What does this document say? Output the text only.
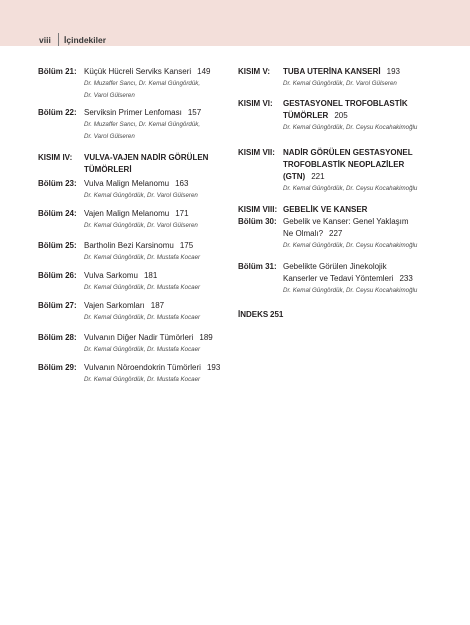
viii İçindekiler
Bölüm 21: Küçük Hücreli Serviks Kanseri 149
Dr. Muzaffer Sancı, Dr. Kemal Güngördük,
Dr. Varol Gülseren
Bölüm 22: Serviksin Primer Lenfoması 157
Dr. Muzaffer Sancı, Dr. Kemal Güngördük,
Dr. Varol Gülseren
KISIM IV: VULVA-VAJEN NADİR GÖRÜLEN
TÜMÖRLERİ
Bölüm 23: Vulva Malign Melanomu 163
Dr. Kemal Güngördük, Dr. Varol Gülseren
Bölüm 24: Vajen Malign Melanomu 171
Dr. Kemal Güngördük, Dr. Varol Gülseren
Bölüm 25: Bartholin Bezi Karsinomu 175
Dr. Kemal Güngördük, Dr. Mustafa Kocaer
Bölüm 26: Vulva Sarkomu 181
Dr. Kemal Güngördük, Dr. Mustafa Kocaer
Bölüm 27: Vajen Sarkomları 187
Dr. Kemal Güngördük, Dr. Mustafa Kocaer
Bölüm 28: Vulvanın Diğer Nadir Tümörleri 189
Dr. Kemal Güngördük, Dr. Mustafa Kocaer
Bölüm 29: Vulvanın Nöroendokrin Tümörleri 193
Dr. Kemal Güngördük, Dr. Mustafa Kocaer
KISIM V: TUBA UTERİNA KANSERİ 193
Dr. Kemal Güngördük, Dr. Varol Gülseren
KISIM VI: GESTASYONEL TROFOBLASTİK
TÜMÖRLER 205
Dr. Kemal Güngördük, Dr. Ceysu Kocahakimoğlu
KISIM VII: NADİR GÖRÜLEN GESTASYONEL
TROFOBLASTİK NEOPLAZİLER
(GTN) 221
Dr. Kemal Güngördük, Dr. Ceysu Kocahakimoğlu
KISIM VIII: GEBELİK VE KANSER
Bölüm 30: Gebelik ve Kanser: Genel Yaklaşım
Ne Olmalı? 227
Dr. Kemal Güngördük, Dr. Ceysu Kocahakimoğlu
Bölüm 31: Gebelikte Görülen Jinekolojik
Kanserler ve Tedavi Yöntemleri 233
Dr. Kemal Güngördük, Dr. Ceysu Kocahakimoğlu
İNDEKS 251
